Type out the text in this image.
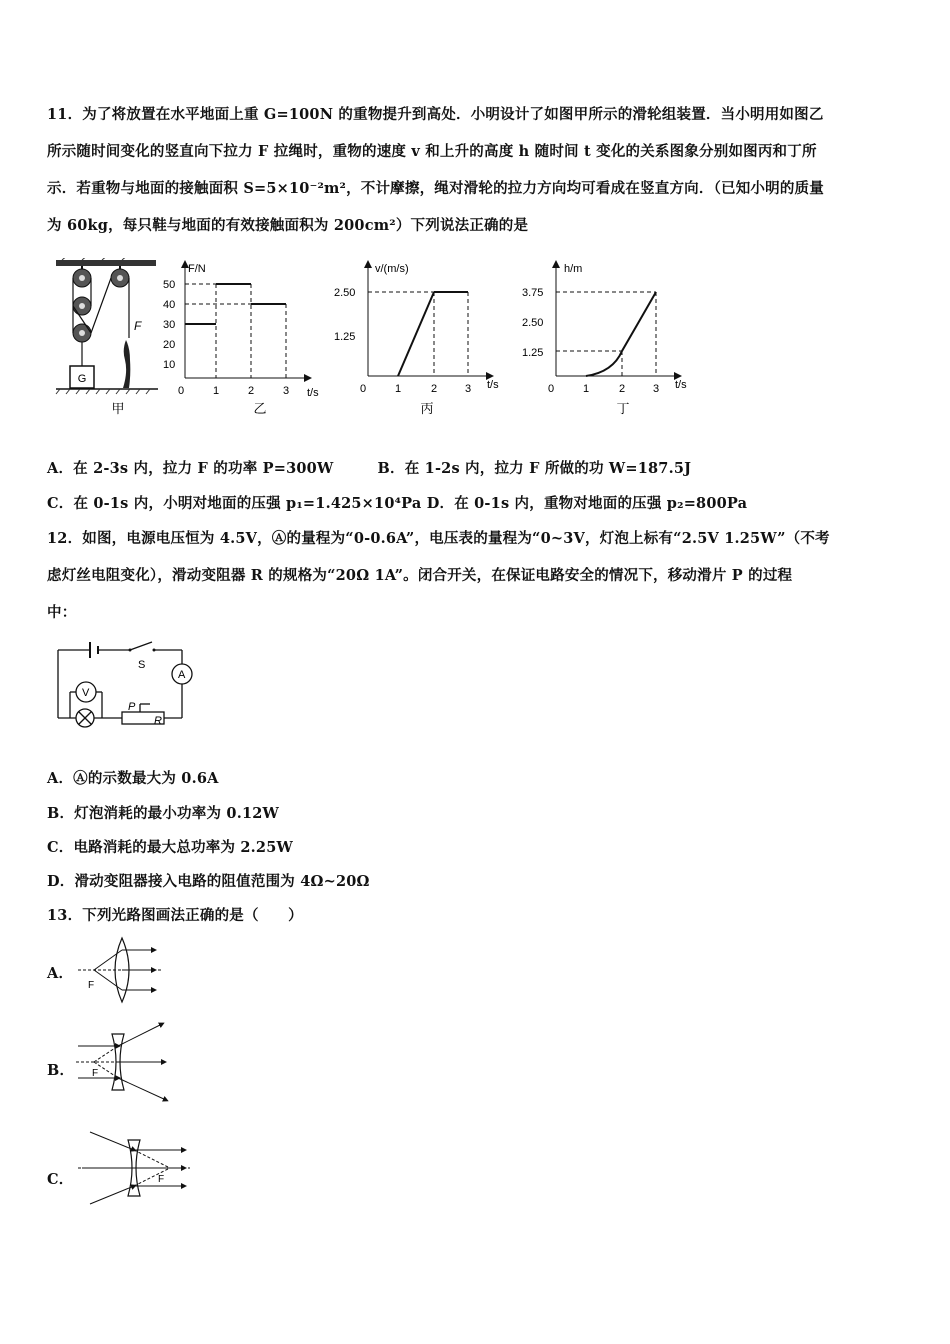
11．为了将放置在水平地面上重 G=100N 的重物提升到高处．小明设计了如图甲所示的滑轮组装置．当小明用如图乙
所示随时间变化的竖直向下拉力 F 拉绳时，重物的速度 v 和上升的高度 h 随时间 t 变化的关系图象分别如图丙和丁所
示．若重物与地面的接触面积 S=5×10⁻²m²，不计摩擦，绳对滑轮的拉力方向均可看成在竖直方向．（已知小明的质量
为 60kg，每只鞋与地面的有效接触面积为 200cm²）下列说法正确的是
G
F
甲
F/N
t/s
0
50
40
30
20
10
1	2	3
乙
v/(m/s)
t/s
0
2.50
1.25
1	2	3
丙
h/m
t/s
0
3.75
2.50
1.25
1	2	3
丁
A．在 2-3s 内，拉力 F 的功率 P=300W　　　B．在 1-2s 内，拉力 F 所做的功 W=187.5J
C．在 0-1s 内，小明对地面的压强 p₁=1.425×10⁴Pa D．在 0-1s 内，重物对地面的压强 p₂=800Pa
12．如图，电源电压恒为 4.5V，Ⓐ的量程为“0-0.6A”，电压表的量程为“0~3V，灯泡上标有“2.5V 1.25W”（不考
虑灯丝电阻变化），滑动变阻器 R 的规格为“20Ω 1A”。闭合开关，在保证电路安全的情况下，移动滑片 P 的过程
中：
S
A
V
P
R
A．Ⓐ的示数最大为 0.6A
B．灯泡消耗的最小功率为 0.12W
C．电路消耗的最大总功率为 2.25W
D．滑动变阻器接入电路的阻值范围为 4Ω~20Ω
13．下列光路图画法正确的是（　　）
A．
F
B． F
C．	F
